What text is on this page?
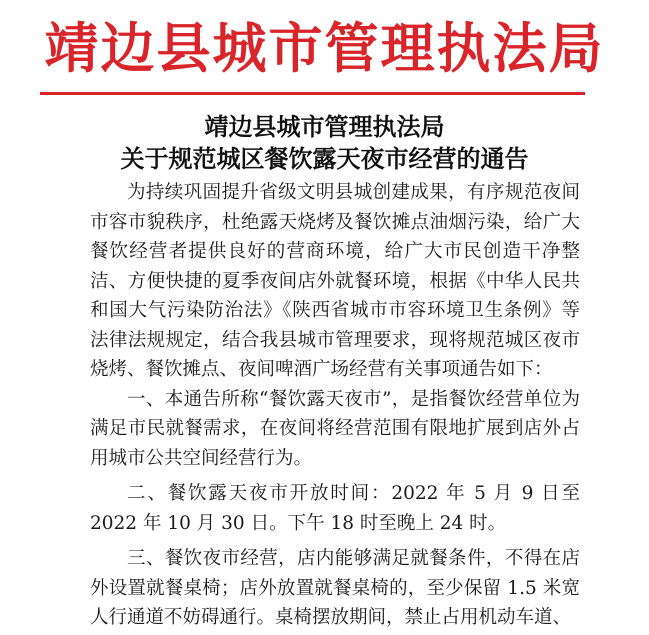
靖边县城市管理执法局
靖边县城市管理执法局
关于规范城区餐饮露天夜市经营的通告

为持续巩固提升省级文明县城创建成果，有序规范夜间市容市貌秩序，杜绝露天烧烤及餐饮摊点油烟污染，给广大餐饮经营者提供良好的营商环境，给广大市民创造干净整洁、方便快捷的夏季夜间店外就餐环境，根据《中华人民共和国大气污染防治法》《陕西省城市市容环境卫生条例》等法律法规规定，结合我县城市管理要求，现将规范城区夜市烧烤、餐饮摊点、夜间啤酒广场经营有关事项通告如下：

一、本通告所称“餐饮露天夜市”，是指餐饮经营单位为满足市民就餐需求，在夜间将经营范围有限地扩展到店外占用城市公共空间经营行为。

二、餐饮露天夜市开放时间：2022 年 5 月 9 日至 2022 年 10 月 30 日。下午 18 时至晚上 24 时。

三、餐饮夜市经营，店内能够满足就餐条件，不得在店外设置就餐桌椅；店外放置就餐桌椅的，至少保留 1.5 米宽人行通道不妨碍通行。桌椅摆放期间，禁止占用机动车道、
